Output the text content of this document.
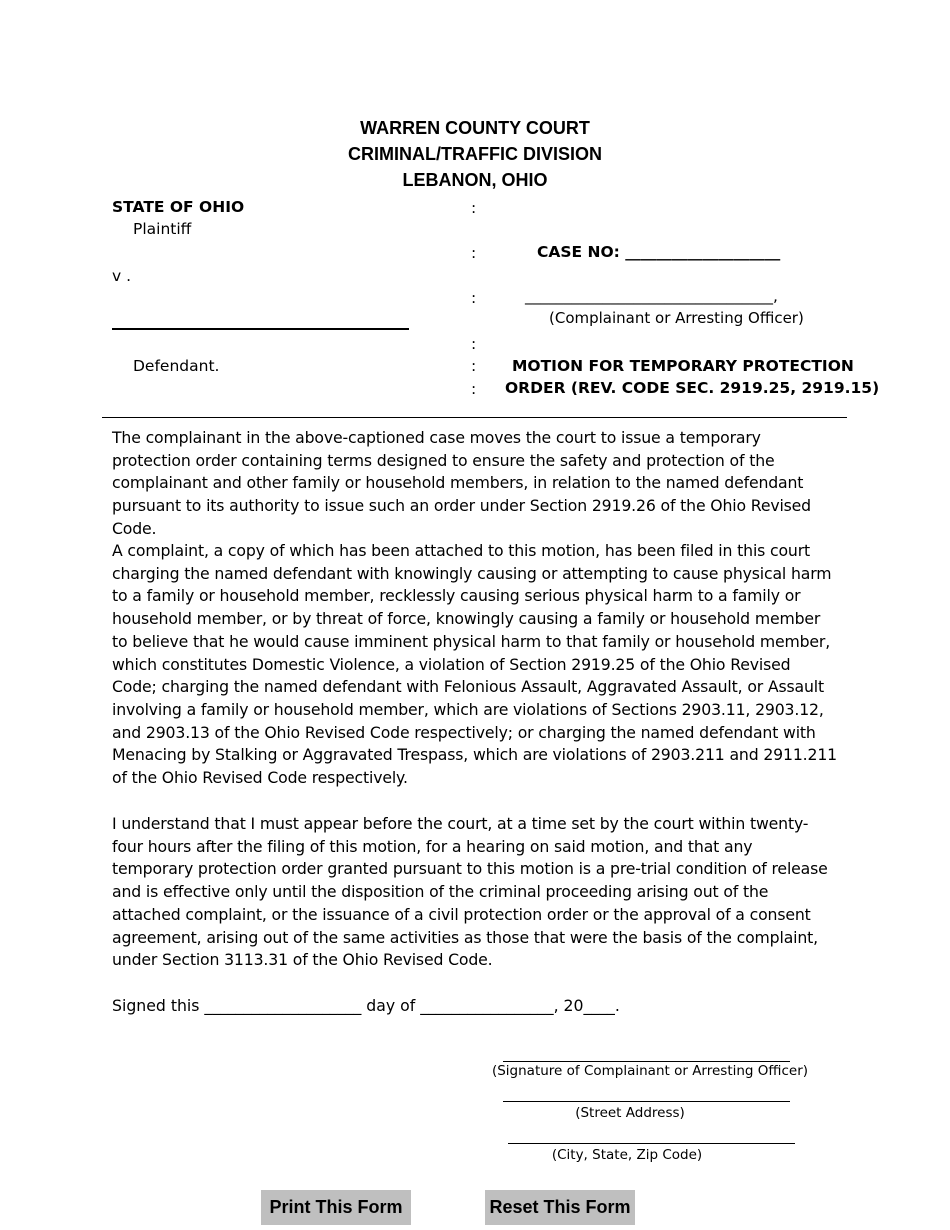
WARREN COUNTY COURT
CRIMINAL/TRAFFIC DIVISION
LEBANON, OHIO
STATE OF OHIO
Plaintiff
v .
Defendant.
:
:
:
:
:
:
CASE NO: ____________________
________________________________,
(Complainant or Arresting Officer)
MOTION FOR TEMPORARY PROTECTION
ORDER (REV. CODE SEC. 2919.25, 2919.15)

The complainant in the above-captioned case moves the court to issue a temporary protection order containing terms designed to ensure the safety and protection of the complainant and other family or household members, in relation to the named defendant pursuant to its authority to issue such an order under Section 2919.26 of the Ohio Revised Code.

A complaint, a copy of which has been attached to this motion, has been filed in this court charging the named defendant with knowingly causing or attempting to cause physical harm to a family or household member, recklessly causing serious physical harm to a family or household member, or by threat of force, knowingly causing a family or household member to believe that he would cause imminent physical harm to that family or household member, which constitutes Domestic Violence, a violation of Section 2919.25 of the Ohio Revised Code; charging the named defendant with Felonious Assault, Aggravated Assault, or Assault involving a family or household member, which are violations of Sections 2903.11, 2903.12, and 2903.13 of the Ohio Revised Code respectively; or charging the named defendant with Menacing by Stalking or Aggravated Trespass, which are violations of 2903.211 and 2911.211 of the Ohio Revised Code respectively.

I understand that I must appear before the court, at a time set by the court within twenty-four hours after the filing of this motion, for a hearing on said motion, and that any temporary protection order granted pursuant to this motion is a pre-trial condition of release and is effective only until the disposition of the criminal proceeding arising out of the attached complaint, or the issuance of a civil protection order or the approval of a consent agreement, arising out of the same activities as those that were the basis of the complaint, under Section 3113.31 of the Ohio Revised Code.

Signed this ____________________ day of _________________, 20____.
(Signature of Complainant or Arresting Officer)
(Street Address)
(City, State, Zip Code)
Print This Form	Reset This Form
